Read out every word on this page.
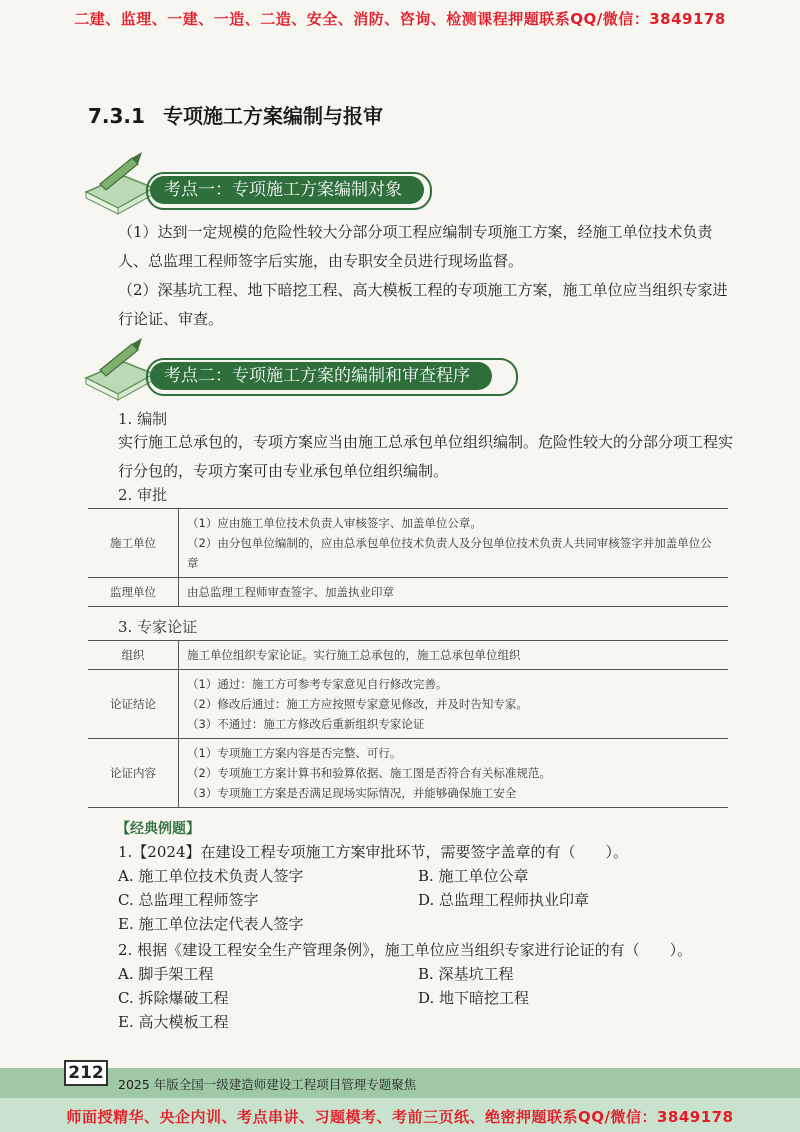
二建、监理、一建、一造、二造、安全、消防、咨询、检测课程押题联系QQ/微信：3849178
7.3.1 专项施工方案编制与报审
考点一：专项施工方案编制对象
（1）达到一定规模的危险性较大分部分项工程应编制专项施工方案，经施工单位技术负责人、总监理工程师签字后实施，由专职安全员进行现场监督。
（2）深基坑工程、地下暗挖工程、高大模板工程的专项施工方案，施工单位应当组织专家进行论证、审查。
考点二：专项施工方案的编制和审查程序
1. 编制
实行施工总承包的，专项方案应当由施工总承包单位组织编制。危险性较大的分部分项工程实行分包的，专项方案可由专业承包单位组织编制。
2. 审批
施工单位	（1）应由施工单位技术负责人审核签字、加盖单位公章。
（2）由分包单位编制的，应由总承包单位技术负责人及分包单位技术负责人共同审核签字并加盖单位公章

监理单位	由总监理工程师审查签字、加盖执业印章
3. 专家论证
组织	施工单位组织专家论证。实行施工总承包的，施工总承包单位组织

论证结论	（1）通过：施工方可参考专家意见自行修改完善。
（2）修改后通过：施工方应按照专家意见修改，并及时告知专家。
（3）不通过：施工方修改后重新组织专家论证

论证内容	（1）专项施工方案内容是否完整、可行。
（2）专项施工方案计算书和验算依据、施工图是否符合有关标准规范。
（3）专项施工方案是否满足现场实际情况，并能够确保施工安全
【经典例题】
1.【2024】在建设工程专项施工方案审批环节，需要签字盖章的有（　　）。
A. 施工单位技术负责人签字	B. 施工单位公章
C. 总监理工程师签字	D. 总监理工程师执业印章
E. 施工单位法定代表人签字
2. 根据《建设工程安全生产管理条例》，施工单位应当组织专家进行论证的有（　　）。
A. 脚手架工程	B. 深基坑工程
C. 拆除爆破工程	D. 地下暗挖工程
E. 高大模板工程
212
2025 年版全国一级建造师建设工程项目管理专题聚焦
师面授精华、央企内训、考点串讲、习题模考、考前三页纸、绝密押题联系QQ/微信：3849178
